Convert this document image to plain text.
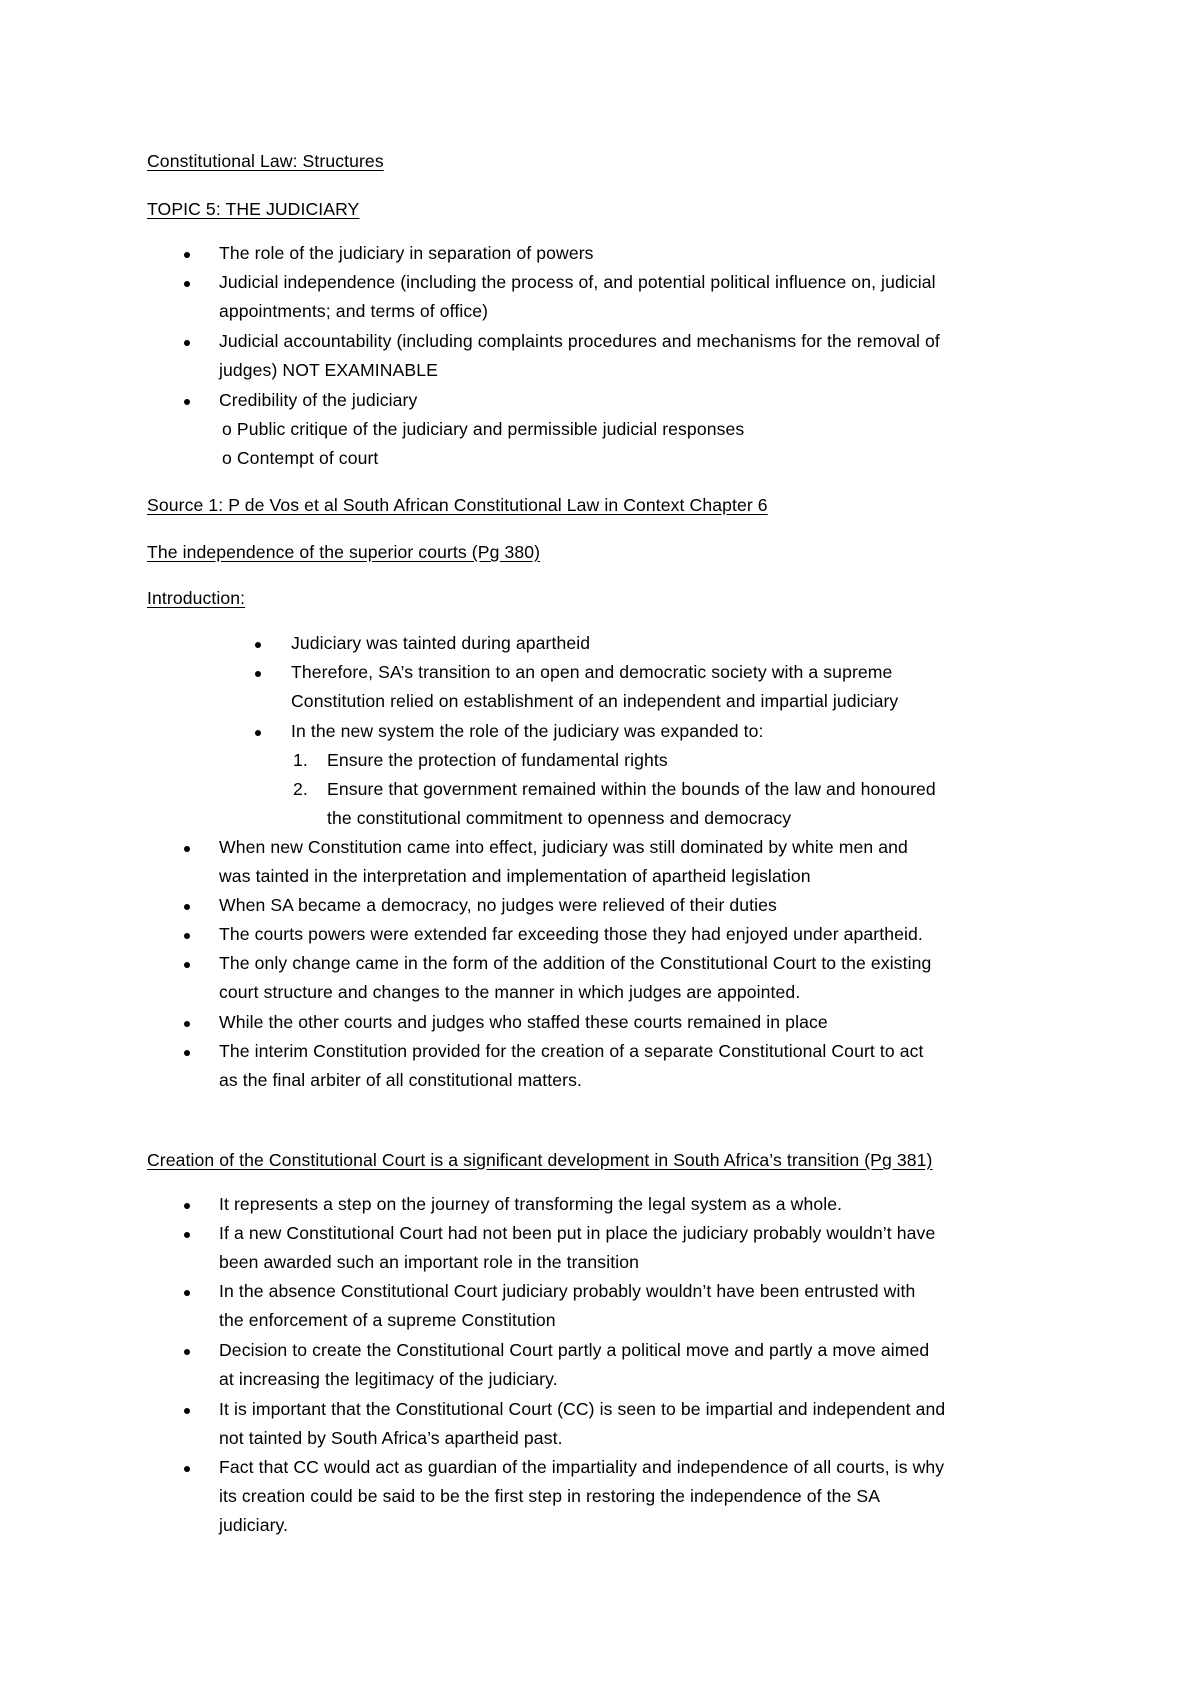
Constitutional Law: Structures
TOPIC 5: THE JUDICIARY
The role of the judiciary in separation of powers
Judicial independence (including the process of, and potential political influence on, judicial
appointments; and terms of office)
Judicial accountability (including complaints procedures and mechanisms for the removal of
judges) NOT EXAMINABLE
Credibility of the judiciary
o Public critique of the judiciary and permissible judicial responses
o Contempt of court
Source 1: P de Vos et al South African Constitutional Law in Context Chapter 6
The independence of the superior courts (Pg 380)
Introduction:
Judiciary was tainted during apartheid
Therefore, SA’s transition to an open and democratic society with a supreme
Constitution relied on establishment of an independent and impartial judiciary
In the new system the role of the judiciary was expanded to:
1. Ensure the protection of fundamental rights
2. Ensure that government remained within the bounds of the law and honoured
the constitutional commitment to openness and democracy
When new Constitution came into effect, judiciary was still dominated by white men and
was tainted in the interpretation and implementation of apartheid legislation
When SA became a democracy, no judges were relieved of their duties
The courts powers were extended far exceeding those they had enjoyed under apartheid.
The only change came in the form of the addition of the Constitutional Court to the existing
court structure and changes to the manner in which judges are appointed.
While the other courts and judges who staffed these courts remained in place
The interim Constitution provided for the creation of a separate Constitutional Court to act
as the final arbiter of all constitutional matters.
Creation of the Constitutional Court is a significant development in South Africa’s transition (Pg 381)
It represents a step on the journey of transforming the legal system as a whole.
If a new Constitutional Court had not been put in place the judiciary probably wouldn’t have
been awarded such an important role in the transition
In the absence Constitutional Court judiciary probably wouldn’t have been entrusted with
the enforcement of a supreme Constitution
Decision to create the Constitutional Court partly a political move and partly a move aimed
at increasing the legitimacy of the judiciary.
It is important that the Constitutional Court (CC) is seen to be impartial and independent and
not tainted by South Africa’s apartheid past.
Fact that CC would act as guardian of the impartiality and independence of all courts, is why
its creation could be said to be the first step in restoring the independence of the SA
judiciary.
